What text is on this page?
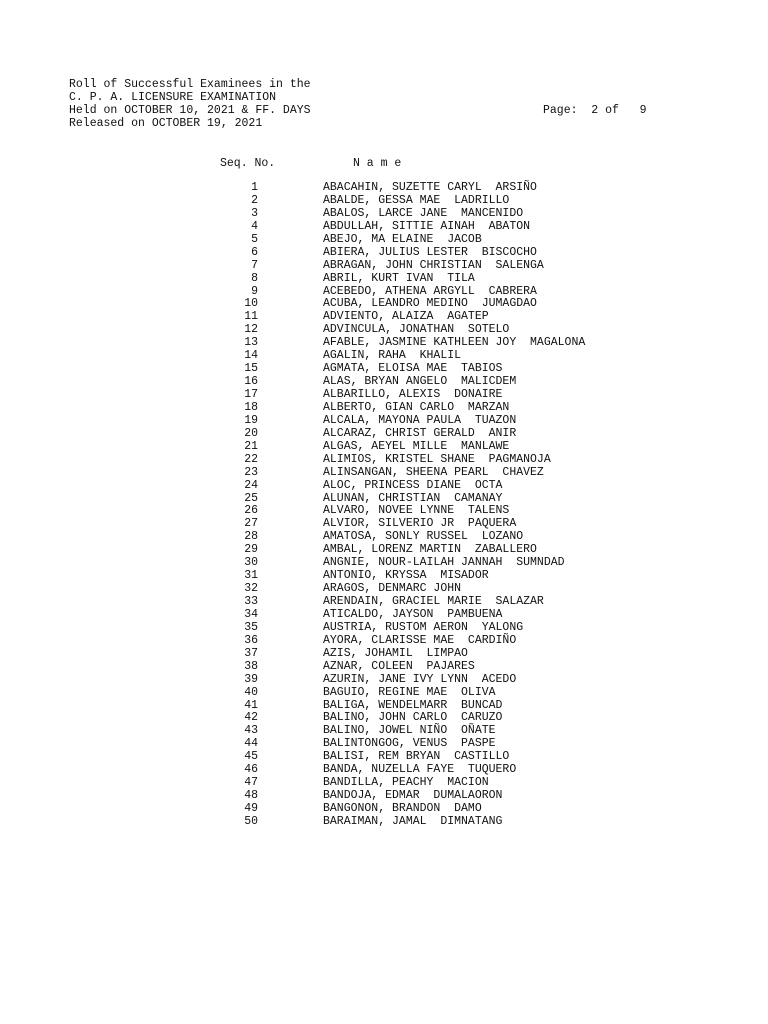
Roll of Successful Examinees in the
C. P. A. LICENSURE EXAMINATION
Held on OCTOBER 10, 2021 & FF. DAYS
Released on OCTOBER 19, 2021
Page:  2 of   9
Seq. No.	N a m e
1	ABACAHIN, SUZETTE CARYL  ARSIÑO
2	ABALDE, GESSA MAE  LADRILLO
3	ABALOS, LARCE JANE  MANCENIDO
4	ABDULLAH, SITTIE AINAH  ABATON
5	ABEJO, MA ELAINE  JACOB
6	ABIERA, JULIUS LESTER  BISCOCHO
7	ABRAGAN, JOHN CHRISTIAN  SALENGA
8	ABRIL, KURT IVAN  TILA
9	ACEBEDO, ATHENA ARGYLL  CABRERA
10	ACUBA, LEANDRO MEDINO  JUMAGDAO
11	ADVIENTO, ALAIZA  AGATEP
12	ADVINCULA, JONATHAN  SOTELO
13	AFABLE, JASMINE KATHLEEN JOY  MAGALONA
14	AGALIN, RAHA  KHALIL
15	AGMATA, ELOISA MAE  TABIOS
16	ALAS, BRYAN ANGELO  MALICDEM
17	ALBARILLO, ALEXIS  DONAIRE
18	ALBERTO, GIAN CARLO  MARZAN
19	ALCALA, MAYONA PAULA  TUAZON
20	ALCARAZ, CHRIST GERALD  ANIR
21	ALGAS, AEYEL MILLE  MANLAWE
22	ALIMIOS, KRISTEL SHANE  PAGMANOJA
23	ALINSANGAN, SHEENA PEARL  CHAVEZ
24	ALOC, PRINCESS DIANE  OCTA
25	ALUNAN, CHRISTIAN  CAMANAY
26	ALVARO, NOVEE LYNNE  TALENS
27	ALVIOR, SILVERIO JR  PAQUERA
28	AMATOSA, SONLY RUSSEL  LOZANO
29	AMBAL, LORENZ MARTIN  ZABALLERO
30	ANGNIE, NOUR-LAILAH JANNAH  SUMNDAD
31	ANTONIO, KRYSSA  MISADOR
32	ARAGOS, DENMARC JOHN
33	ARENDAIN, GRACIEL MARIE  SALAZAR
34	ATICALDO, JAYSON  PAMBUENA
35	AUSTRIA, RUSTOM AERON  YALONG
36	AYORA, CLARISSE MAE  CARDIÑO
37	AZIS, JOHAMIL  LIMPAO
38	AZNAR, COLEEN  PAJARES
39	AZURIN, JANE IVY LYNN  ACEDO
40	BAGUIO, REGINE MAE  OLIVA
41	BALIGA, WENDELMARR  BUNCAD
42	BALINO, JOHN CARLO  CARUZO
43	BALINO, JOWEL NIÑO  OÑATE
44	BALINTONGOG, VENUS  PASPE
45	BALISI, REM BRYAN  CASTILLO
46	BANDA, NUZELLA FAYE  TUQUERO
47	BANDILLA, PEACHY  MACION
48	BANDOJA, EDMAR  DUMALAORON
49	BANGONON, BRANDON  DAMO
50	BARAIMAN, JAMAL  DIMNATANG
